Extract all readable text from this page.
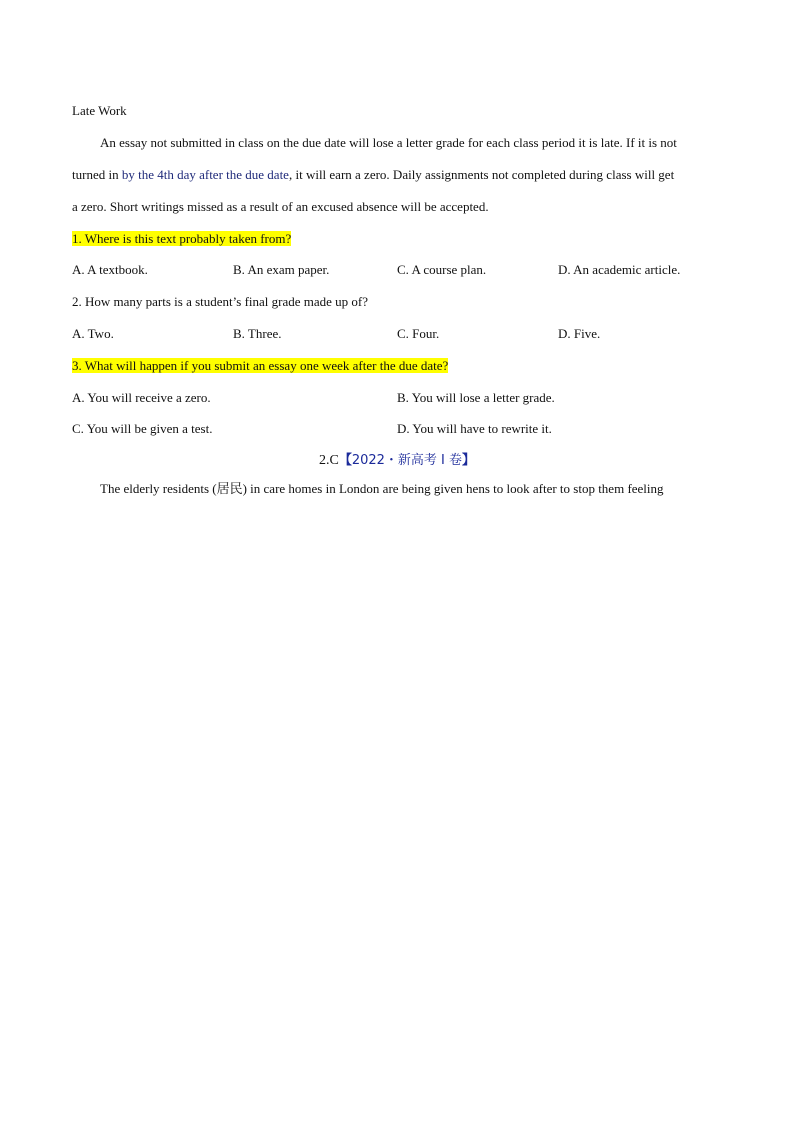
Late Work
An essay not submitted in class on the due date will lose a letter grade for each class period it is late. If it is not
turned in by the 4th day after the due date, it will earn a zero. Daily assignments not completed during class will get
a zero. Short writings missed as a result of an excused absence will be accepted.
1. Where is this text probably taken from?
A. A textbook.	B. An exam paper.	C. A course plan.	D. An academic article.
2. How many parts is a student’s final grade made up of?
A. Two.	B. Three.	C. Four.	D. Five.
3. What will happen if you submit an essay one week after the due date?
A. You will receive a zero.	B. You will lose a letter grade.
C. You will be given a test.	D. You will have to rewrite it.
2.C【2022・新高考 I 卷】
The elderly residents (居民) in care homes in London are being given hens to look after to stop them feeling
